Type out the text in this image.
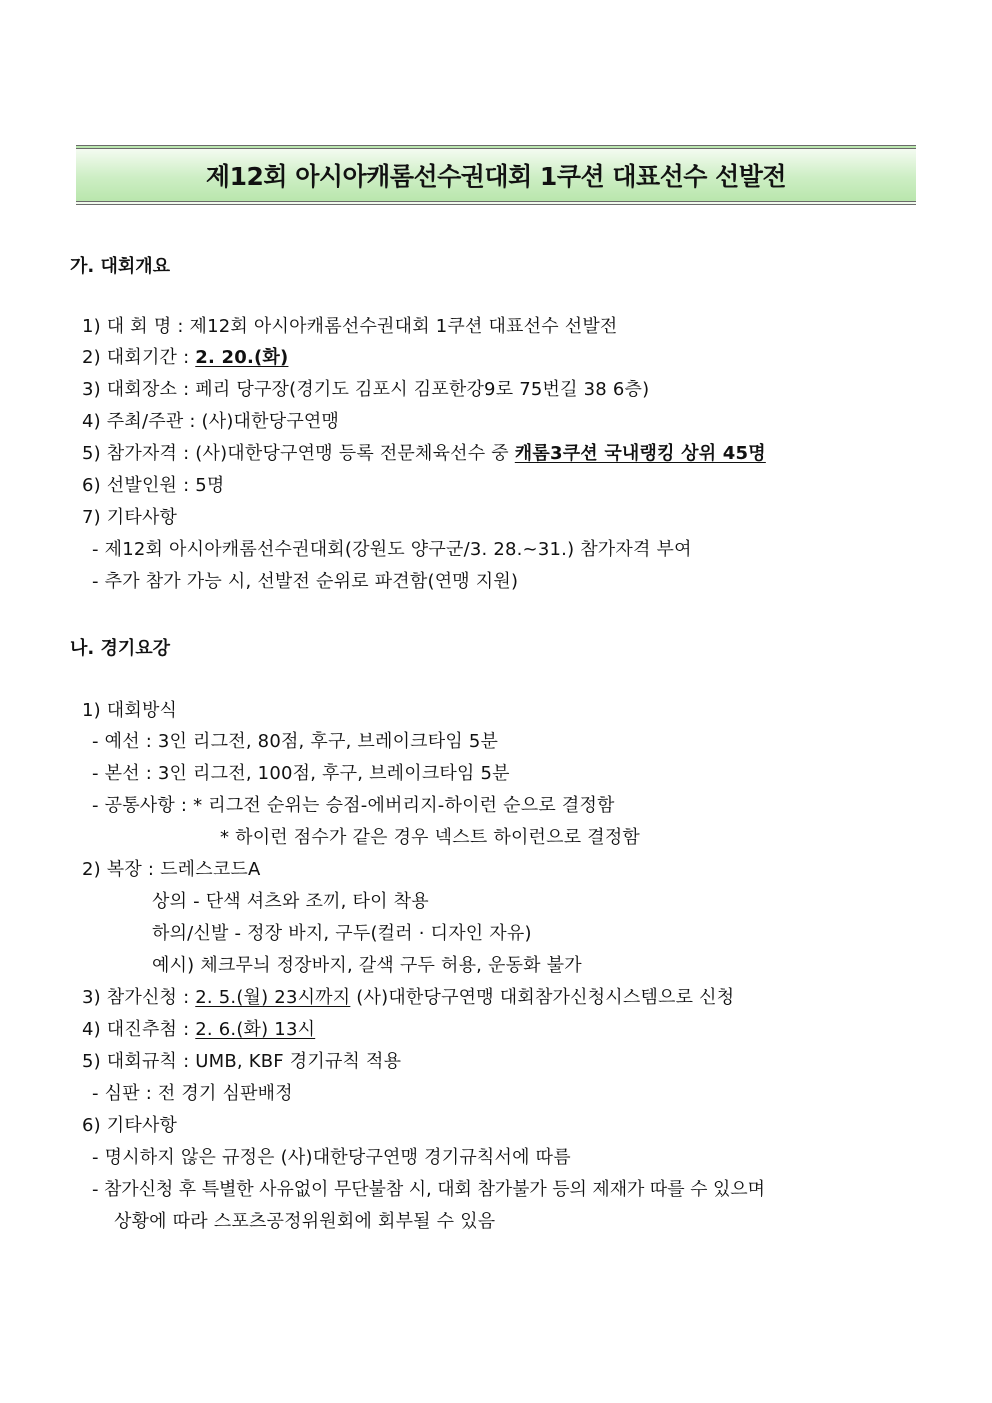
제12회 아시아캐롬선수권대회 1쿠션 대표선수 선발전
가. 대회개요
1) 대 회 명 : 제12회 아시아캐롬선수권대회 1쿠션 대표선수 선발전
2) 대회기간 : 2. 20.(화)
3) 대회장소 : 페리 당구장(경기도 김포시 김포한강9로 75번길 38 6층)
4) 주최/주관 : (사)대한당구연맹
5) 참가자격 : (사)대한당구연맹 등록 전문체육선수 중 캐롬3쿠션 국내랭킹 상위 45명
6) 선발인원 : 5명
7) 기타사항
- 제12회 아시아캐롬선수권대회(강원도 양구군/3. 28.~31.) 참가자격 부여
- 추가 참가 가능 시, 선발전 순위로 파견함(연맹 지원)
나. 경기요강
1) 대회방식
- 예선 : 3인 리그전, 80점, 후구, 브레이크타임 5분
- 본선 : 3인 리그전, 100점, 후구, 브레이크타임 5분
- 공통사항 : * 리그전 순위는 승점-에버리지-하이런 순으로 결정함
* 하이런 점수가 같은 경우 넥스트 하이런으로 결정함
2) 복장 : 드레스코드A
상의 - 단색 셔츠와 조끼, 타이 착용
하의/신발 - 정장 바지, 구두(컬러 · 디자인 자유)
예시) 체크무늬 정장바지, 갈색 구두 허용, 운동화 불가
3) 참가신청 : 2. 5.(월) 23시까지 (사)대한당구연맹 대회참가신청시스템으로 신청
4) 대진추첨 : 2. 6.(화) 13시
5) 대회규칙 : UMB, KBF 경기규칙 적용
- 심판 : 전 경기 심판배정
6) 기타사항
- 명시하지 않은 규정은 (사)대한당구연맹 경기규칙서에 따름
- 참가신청 후 특별한 사유없이 무단불참 시, 대회 참가불가 등의 제재가 따를 수 있으며
상황에 따라 스포츠공정위원회에 회부될 수 있음
